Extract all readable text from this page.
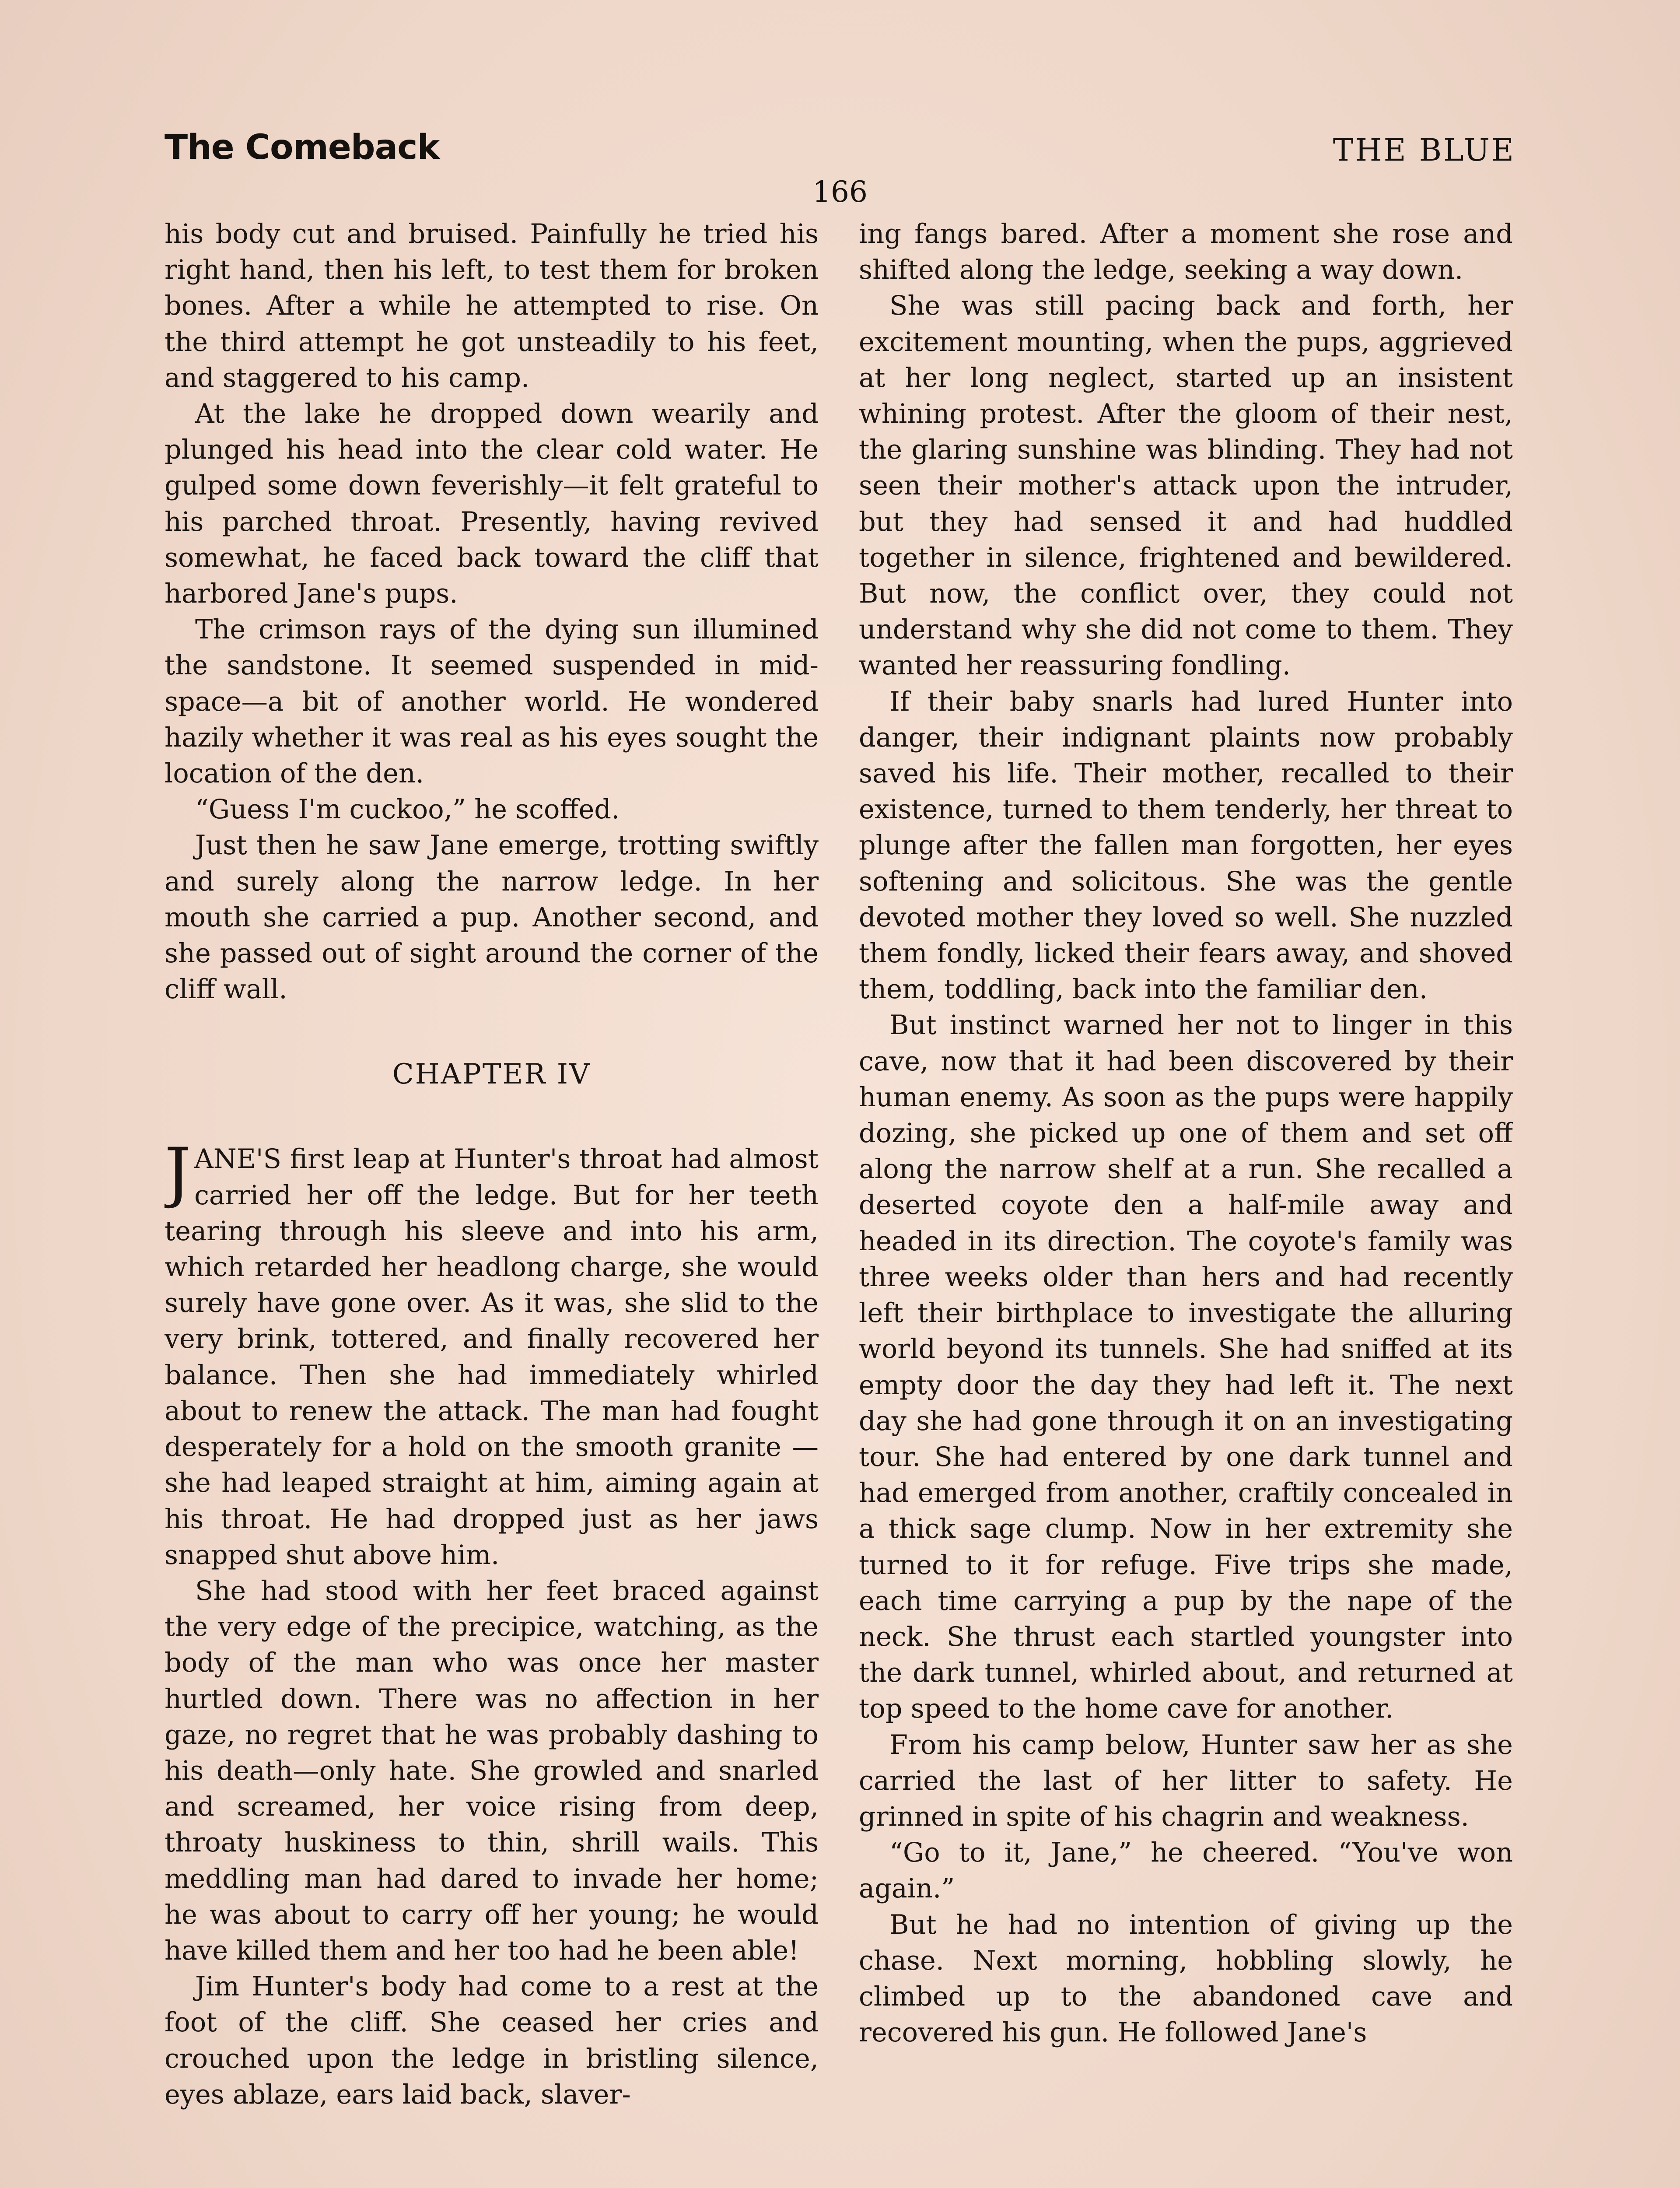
The Comeback	THE BLUE
166

his body cut and bruised. Painfully he tried his right hand, then his left, to test them for broken bones. After a while he attempted to rise. On the third attempt he got unsteadily to his feet, and staggered to his camp.

At the lake he dropped down wearily and plunged his head into the clear cold water. He gulped some down feverishly—it felt grateful to his parched throat. Presently, having revived somewhat, he faced back toward the cliff that harbored Jane's pups.

The crimson rays of the dying sun illumined the sandstone. It seemed suspended in mid-space—a bit of another world. He wondered hazily whether it was real as his eyes sought the location of the den.

“Guess I'm cuckoo,” he scoffed.

Just then he saw Jane emerge, trotting swiftly and surely along the narrow ledge. In her mouth she carried a pup. Another second, and she passed out of sight around the corner of the cliff wall.

CHAPTER IV

JANE'S first leap at Hunter's throat had almost carried her off the ledge. But for her teeth tearing through his sleeve and into his arm, which retarded her headlong charge, she would surely have gone over. As it was, she slid to the very brink, tottered, and finally recovered her balance. Then she had immediately whirled about to renew the attack. The man had fought desperately for a hold on the smooth granite —she had leaped straight at him, aiming again at his throat. He had dropped just as her jaws snapped shut above him.

She had stood with her feet braced against the very edge of the precipice, watching, as the body of the man who was once her master hurtled down. There was no affection in her gaze, no regret that he was probably dashing to his death—only hate. She growled and snarled and screamed, her voice rising from deep, throaty huskiness to thin, shrill wails. This meddling man had dared to invade her home; he was about to carry off her young; he would have killed them and her too had he been able!

Jim Hunter's body had come to a rest at the foot of the cliff. She ceased her cries and crouched upon the ledge in bristling silence, eyes ablaze, ears laid back, slaver-

ing fangs bared. After a moment she rose and shifted along the ledge, seeking a way down.

She was still pacing back and forth, her excitement mounting, when the pups, aggrieved at her long neglect, started up an insistent whining protest. After the gloom of their nest, the glaring sunshine was blinding. They had not seen their mother's attack upon the intruder, but they had sensed it and had huddled together in silence, frightened and bewildered. But now, the conflict over, they could not understand why she did not come to them. They wanted her reassuring fondling.

If their baby snarls had lured Hunter into danger, their indignant plaints now probably saved his life. Their mother, recalled to their existence, turned to them tenderly, her threat to plunge after the fallen man forgotten, her eyes softening and solicitous. She was the gentle devoted mother they loved so well. She nuzzled them fondly, licked their fears away, and shoved them, toddling, back into the familiar den.

But instinct warned her not to linger in this cave, now that it had been discovered by their human enemy. As soon as the pups were happily dozing, she picked up one of them and set off along the narrow shelf at a run. She recalled a deserted coyote den a half-mile away and headed in its direction. The coyote's family was three weeks older than hers and had recently left their birthplace to investigate the alluring world beyond its tunnels. She had sniffed at its empty door the day they had left it. The next day she had gone through it on an investigating tour. She had entered by one dark tunnel and had emerged from another, craftily concealed in a thick sage clump. Now in her extremity she turned to it for refuge. Five trips she made, each time carrying a pup by the nape of the neck. She thrust each startled youngster into the dark tunnel, whirled about, and returned at top speed to the home cave for another.

From his camp below, Hunter saw her as she carried the last of her litter to safety. He grinned in spite of his chagrin and weakness.

“Go to it, Jane,” he cheered. “You've won again.”

But he had no intention of giving up the chase. Next morning, hobbling slowly, he climbed up to the abandoned cave and recovered his gun. He followed Jane's
